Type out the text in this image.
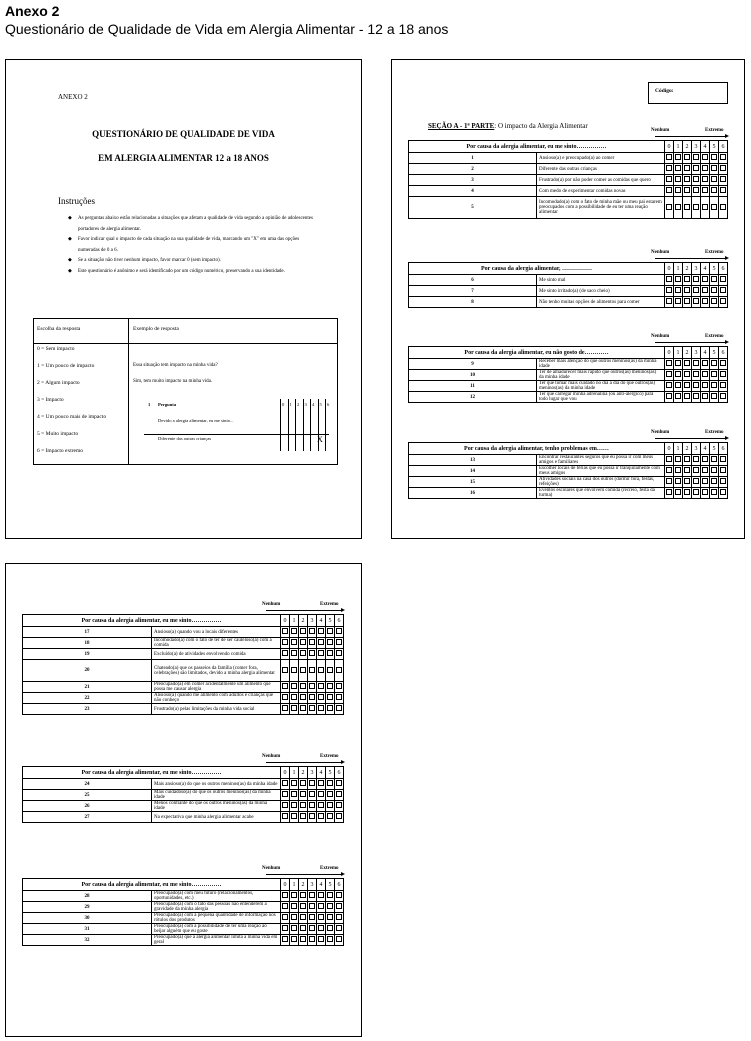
Anexo 2
Questionário de Qualidade de Vida em Alergia Alimentar - 12 a 18 anos
ANEXO 2
QUESTIONÁRIO DE QUALIDADE DE VIDA
EM ALERGIA ALIMENTAR 12 a 18 ANOS
Instruções
◆ As perguntas abaixo estão relacionadas a situações que afetam a qualidade de vida segundo a opinião de adolescentes portadores de alergia alimentar.
◆ Favor indicar qual o impacto de cada situação na sua qualidade de vida, marcando um "X" em uma das opções numeradas de 0 a 6.
◆ Se a situação não tiver nenhum impacto, favor marcar 0 (sem impacto).
◆ Este questionário é anônimo e será identificado por um código numérico, preservando a sua identidade.
Escolha da resposta	Exemplo de resposta
0 = Sem impacto
1 = Um pouco de impacto
2 = Algum impacto
3 = Impacto
4 = Um pouco mais de impacto
5 = Muito impacto
6 = Impacto extremo
Essa situação tem impacto na minha vida?
Sim, tem muito impacto na minha vida.
1 Pergunta
Devido a alergia alimentar, eu me sinto...
Diferente das outras crianças
0 1 2 3 4 5 6
X
Código:
SEÇÃO A - 1ª PARTE: O impacto da Alergia Alimentar
Nenhum	Extremo
Por causa da alergia alimentar, eu me sinto……………		0	1	2	3	4	5	6
1	Ansioso(a) e preocupado(a) ao comer							
2	Diferente das outras crianças							
3	Frustrado(a) por não poder comer as comidas que quero							
4	Com medo de experimentar comidas novas							
5	Incomodado(a) com o fato de minha mãe ou meu pai estarem preocupados com a possibilidade de eu ter uma reação alimentar							
Nenhum	Extremo
Por causa da alergia alimentar, ……………		0	1	2	3	4	5	6
6	Me sinto mal							
7	Me sinto irritado(a) (de saco cheio)							
8	Não tenho muitas opções de alimentos para comer							
Nenhum	Extremo
Por causa da alergia alimentar, eu não gosto de…………		0	1	2	3	4	5	6
9	Receber mais atenção do que outros meninos(as) da minha idade							
10	Ter de amadurecer mais rápido que outros(as) meninos(as) da minha idade							
11	Ter que tomar mais cuidado no dia a dia do que outros(as) meninos(as) da minha idade							
12	Ter que carregar minha adrenalina (ou anti-alérgico) para todo lugar que vou							
Nenhum	Extremo
Por causa da alergia alimentar, tenho problemas em……		0	1	2	3	4	5	6
13	Encontrar restaurantes seguros que eu possa ir com meus amigos e familiares							
14	Escolher locais de férias que eu possa ir tranqüilamente com meus amigos							
15	Atividades sociais na casa dos outros (dormir fora, festas, refeições)							
16	Eventos escolares que envolvem comida (recreio, festa da turma)							
Nenhum	Extremo
Por causa da alergia alimentar, eu me sinto……………		0	1	2	3	4	5	6
17	Ansioso(a) quando vou a locais diferentes							
18	Incomodado(a) com o fato de ter de ser cauteloso(a) com a comida							
19	Excluído(a) de atividades envolvendo comida							
20	Chateado(a) que os passeios da família (comer fora, celebrações) são limitados, devido a minha alergia alimentar							
21	Preocupado(a) em comer acidentalmente um alimento que possa me causar alergia							
22	Ansioso(a) quando me alimento com adultos e crianças que não conheço							
23	Frustrado(a) pelas limitações da minha vida social							
Nenhum	Extremo
Por causa da alergia alimentar, eu me sinto……………		0	1	2	3	4	5	6
24	Mais ansioso(a) do que os outros meninos(as) da minha idade							
25	Mais cuidadoso(a) do que os outros meninos(as) da minha idade							
26	Menos confiante do que os outros meninos(as) da minha idade							
27	Na expectativa que minha alergia alimentar acabe							
Nenhum	Extremo
Por causa da alergia alimentar, eu me sinto……………		0	1	2	3	4	5	6
28	Preocupado(a) com meu futuro (relacionamentos, oportunidades, etc.)							
29	Preocupado(a) com o fato das pessoas não entenderem a gravidade da minha alergia							
30	Preocupado(a) com a pequena quantidade de informação nos rótulos dos produtos							
31	Preocupado(a) com a possibilidade de ter uma reação ao beijar alguém que eu goste							
32	Preocupado(a) que a alergia alimentar limita a minha vida em geral							
